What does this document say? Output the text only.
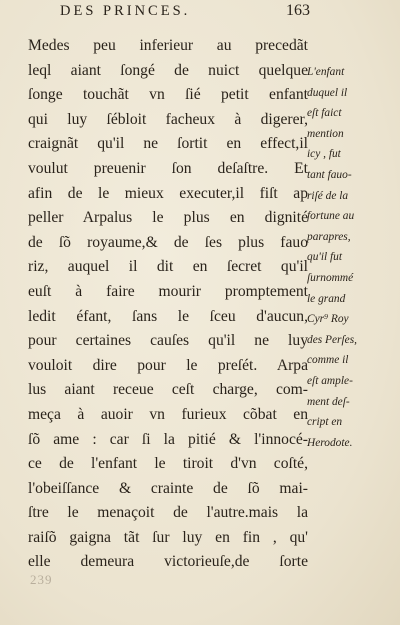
DES PRINCES.	163
Medes peu inferieur au precedãt
leql aiant ſongé de nuict quelque
ſonge touchãt vn ſié petit enfant
qui luy ſébloit facheux à digerer,
craignãt qu'il ne ſortit en effect,il
voulut preuenir ſon deſaſtre. Et
afin de le mieux executer,il fiſt ap
peller Arpalus le plus en dignité
de ſõ royaume,& de ſes plus fauo
riz, auquel il dit en ſecret qu'il
euſt à faire mourir promptement
ledit éfant, ſans le ſceu d'aucun,
pour certaines cauſes qu'il ne luy
vouloit dire pour le preſét. Arpa
lus aiant receue ceſt charge, com-
meça à auoir vn furieux cõbat en
ſõ ame : car ſi la pitié & l'innocé-
ce de l'enfant le tiroit d'vn coſté,
l'obeiſſance & crainte de ſõ mai-
ſtre le menaçoit de l'autre.mais la
raiſõ gaigna tãt ſur luy en fin , qu'
elle demeura victorieuſe,de ſorte
L'enfant
duquel il
eſt faict
mention
icy , fut
tant fauo-
riſé de la
fortune au
parapres,
qu'il fut
ſurnommé
le grand
Cyr⁹ Roy
des Perſes,
comme il
eſt ample-
ment deſ-
cript en
Herodote.
239
